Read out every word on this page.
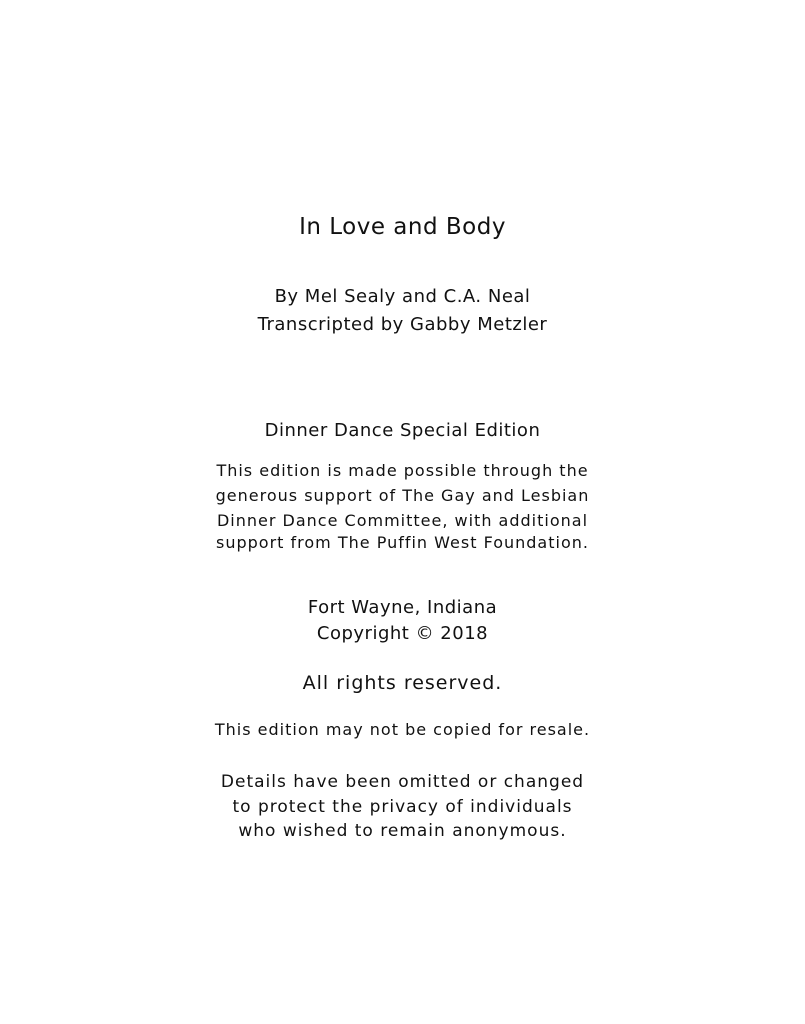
In Love and Body
By Mel Sealy and C.A. Neal
Transcripted by Gabby Metzler
Dinner Dance Special Edition
This edition is made possible through the
generous support of The Gay and Lesbian
Dinner Dance Committee, with additional
support from The Puffin West Foundation.
Fort Wayne, Indiana
Copyright © 2018
All rights reserved.
This edition may not be copied for resale.
Details have been omitted or changed
to protect the privacy of individuals
who wished to remain anonymous.
